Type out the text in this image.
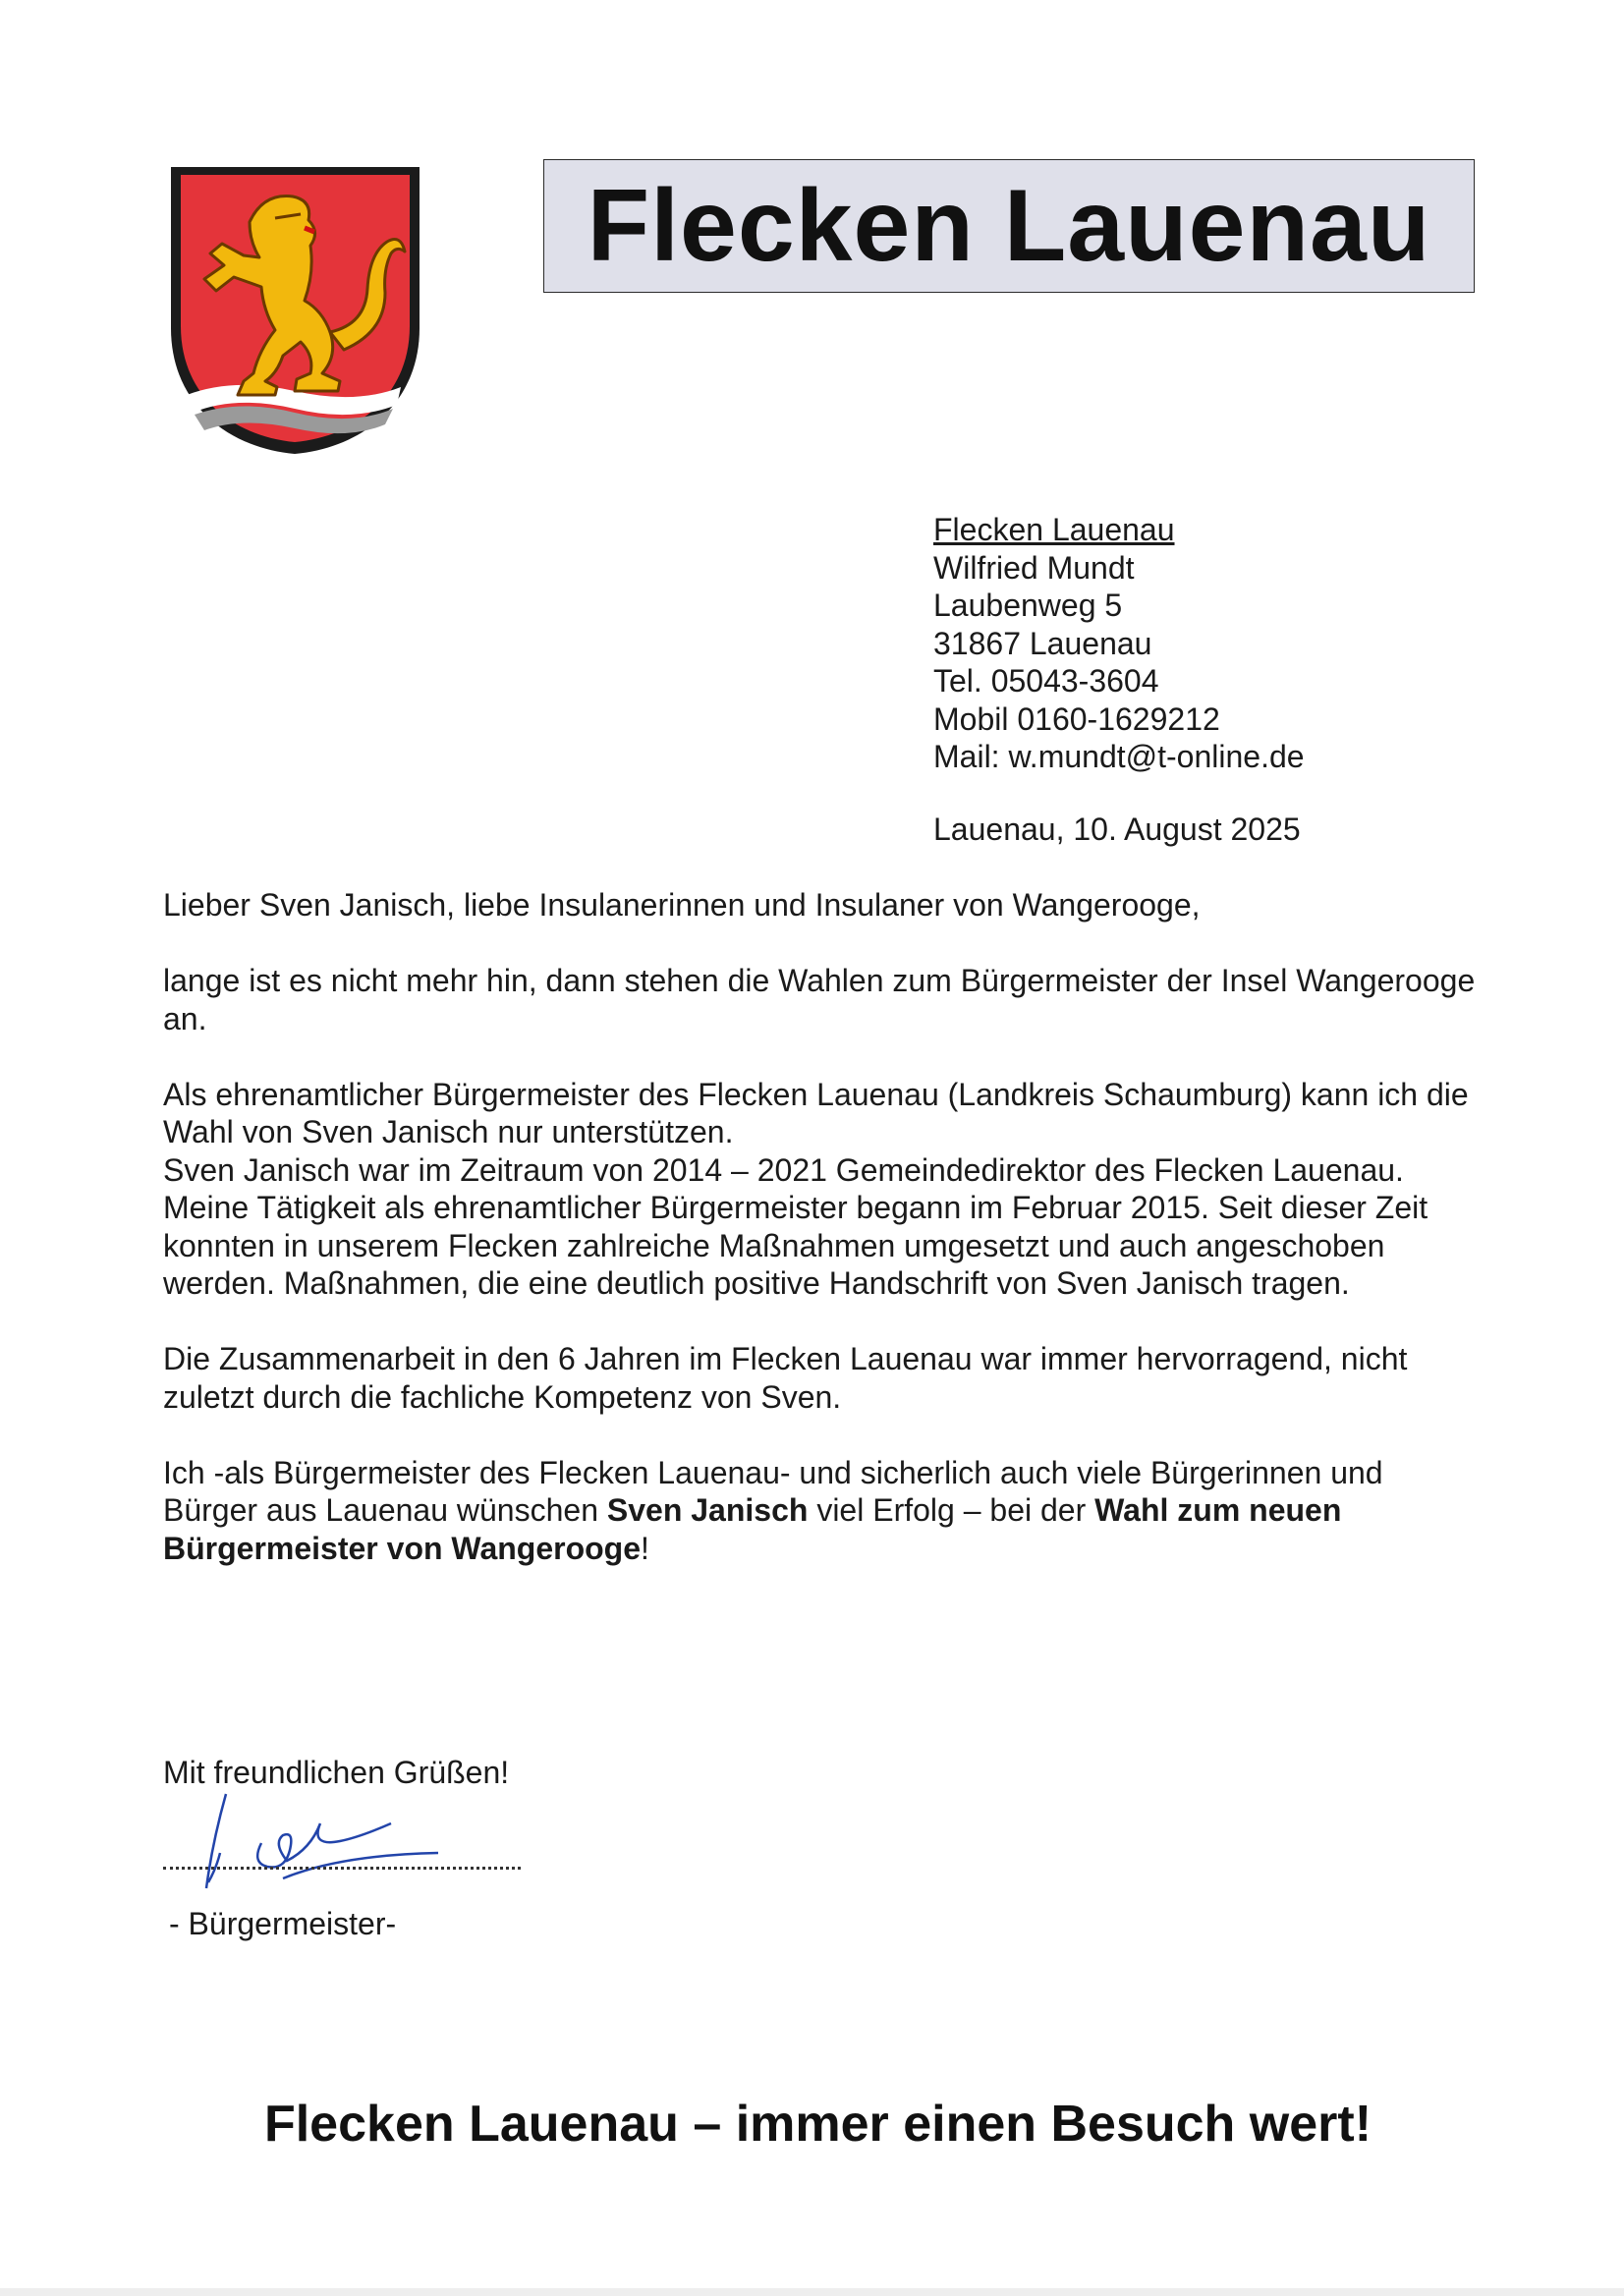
Flecken Lauenau
Flecken Lauenau
Wilfried Mundt
Laubenweg 5
31867 Lauenau
Tel. 05043-3604
Mobil 0160-1629212
Mail: w.mundt@t-online.de
Lauenau, 10. August 2025

Lieber Sven Janisch, liebe Insulanerinnen und Insulaner von Wangerooge,

lange ist es nicht mehr hin, dann stehen die Wahlen zum Bürgermeister der Insel Wangerooge an.

Als ehrenamtlicher Bürgermeister des Flecken Lauenau (Landkreis Schaumburg) kann ich die Wahl von Sven Janisch nur unterstützen.

Sven Janisch war im Zeitraum von 2014 – 2021 Gemeindedirektor des Flecken Lauenau. Meine Tätigkeit als ehrenamtlicher Bürgermeister begann im Februar 2015. Seit dieser Zeit konnten in unserem Flecken zahlreiche Maßnahmen umgesetzt und auch angeschoben werden. Maßnahmen, die eine deutlich positive Handschrift von Sven Janisch tragen.

Die Zusammenarbeit in den 6 Jahren im Flecken Lauenau war immer hervorragend, nicht zuletzt durch die fachliche Kompetenz von Sven.

Ich -als Bürgermeister des Flecken Lauenau- und sicherlich auch viele Bürgerinnen und Bürger aus Lauenau wünschen Sven Janisch viel Erfolg – bei der Wahl zum neuen Bürgermeister von Wangerooge!

Mit freundlichen Grüßen!
- Bürgermeister-
Flecken Lauenau – immer einen Besuch wert!
